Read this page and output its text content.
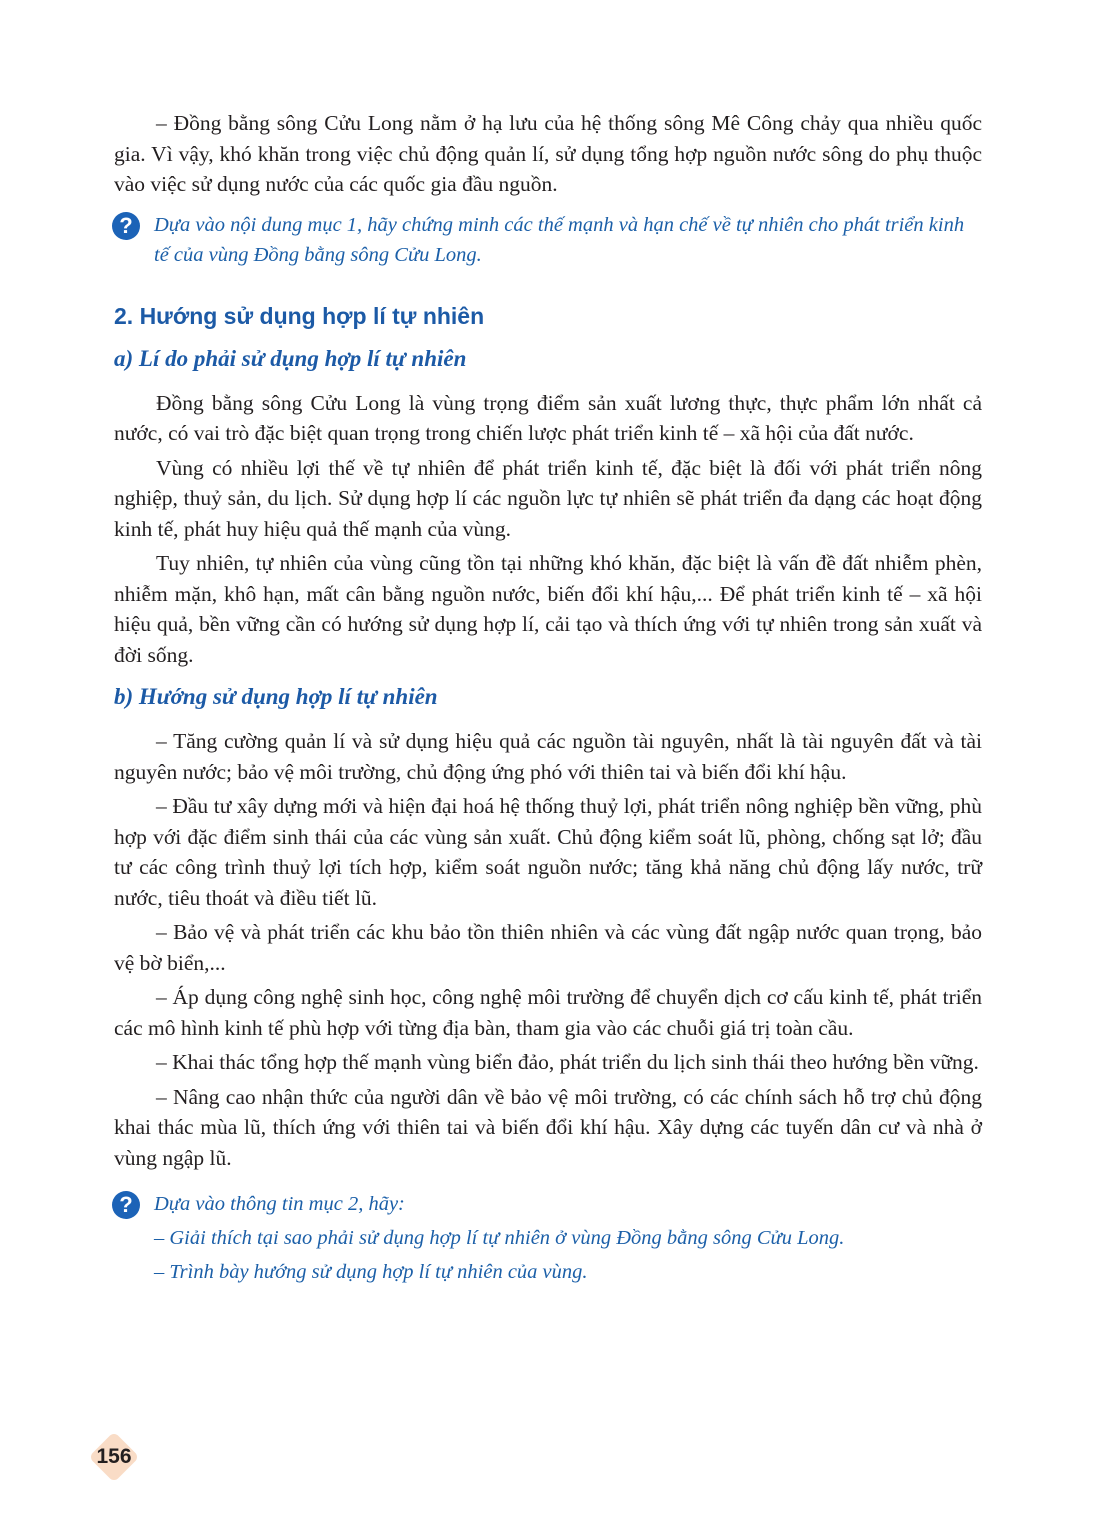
– Đồng bằng sông Cửu Long nằm ở hạ lưu của hệ thống sông Mê Công chảy qua nhiều quốc gia. Vì vậy, khó khăn trong việc chủ động quản lí, sử dụng tổng hợp nguồn nước sông do phụ thuộc vào việc sử dụng nước của các quốc gia đầu nguồn.

?	Dựa vào nội dung mục 1, hãy chứng minh các thế mạnh và hạn chế về tự nhiên cho phát triển kinh tế của vùng Đồng bằng sông Cửu Long.

2. Hướng sử dụng hợp lí tự nhiên
a) Lí do phải sử dụng hợp lí tự nhiên

Đồng bằng sông Cửu Long là vùng trọng điểm sản xuất lương thực, thực phẩm lớn nhất cả nước, có vai trò đặc biệt quan trọng trong chiến lược phát triển kinh tế – xã hội của đất nước.

Vùng có nhiều lợi thế về tự nhiên để phát triển kinh tế, đặc biệt là đối với phát triển nông nghiệp, thuỷ sản, du lịch. Sử dụng hợp lí các nguồn lực tự nhiên sẽ phát triển đa dạng các hoạt động kinh tế, phát huy hiệu quả thế mạnh của vùng.

Tuy nhiên, tự nhiên của vùng cũng tồn tại những khó khăn, đặc biệt là vấn đề đất nhiễm phèn, nhiễm mặn, khô hạn, mất cân bằng nguồn nước, biến đổi khí hậu,... Để phát triển kinh tế – xã hội hiệu quả, bền vững cần có hướng sử dụng hợp lí, cải tạo và thích ứng với tự nhiên trong sản xuất và đời sống.

b) Hướng sử dụng hợp lí tự nhiên

– Tăng cường quản lí và sử dụng hiệu quả các nguồn tài nguyên, nhất là tài nguyên đất và tài nguyên nước; bảo vệ môi trường, chủ động ứng phó với thiên tai và biến đổi khí hậu.

– Đầu tư xây dựng mới và hiện đại hoá hệ thống thuỷ lợi, phát triển nông nghiệp bền vững, phù hợp với đặc điểm sinh thái của các vùng sản xuất. Chủ động kiểm soát lũ, phòng, chống sạt lở; đầu tư các công trình thuỷ lợi tích hợp, kiểm soát nguồn nước; tăng khả năng chủ động lấy nước, trữ nước, tiêu thoát và điều tiết lũ.

– Bảo vệ và phát triển các khu bảo tồn thiên nhiên và các vùng đất ngập nước quan trọng, bảo vệ bờ biển,...

– Áp dụng công nghệ sinh học, công nghệ môi trường để chuyển dịch cơ cấu kinh tế, phát triển các mô hình kinh tế phù hợp với từng địa bàn, tham gia vào các chuỗi giá trị toàn cầu.

– Khai thác tổng hợp thế mạnh vùng biển đảo, phát triển du lịch sinh thái theo hướng bền vững.

– Nâng cao nhận thức của người dân về bảo vệ môi trường, có các chính sách hỗ trợ chủ động khai thác mùa lũ, thích ứng với thiên tai và biến đổi khí hậu. Xây dựng các tuyến dân cư và nhà ở vùng ngập lũ.

?	Dựa vào thông tin mục 2, hãy:

– Giải thích tại sao phải sử dụng hợp lí tự nhiên ở vùng Đồng bằng sông Cửu Long.

– Trình bày hướng sử dụng hợp lí tự nhiên của vùng.

156
